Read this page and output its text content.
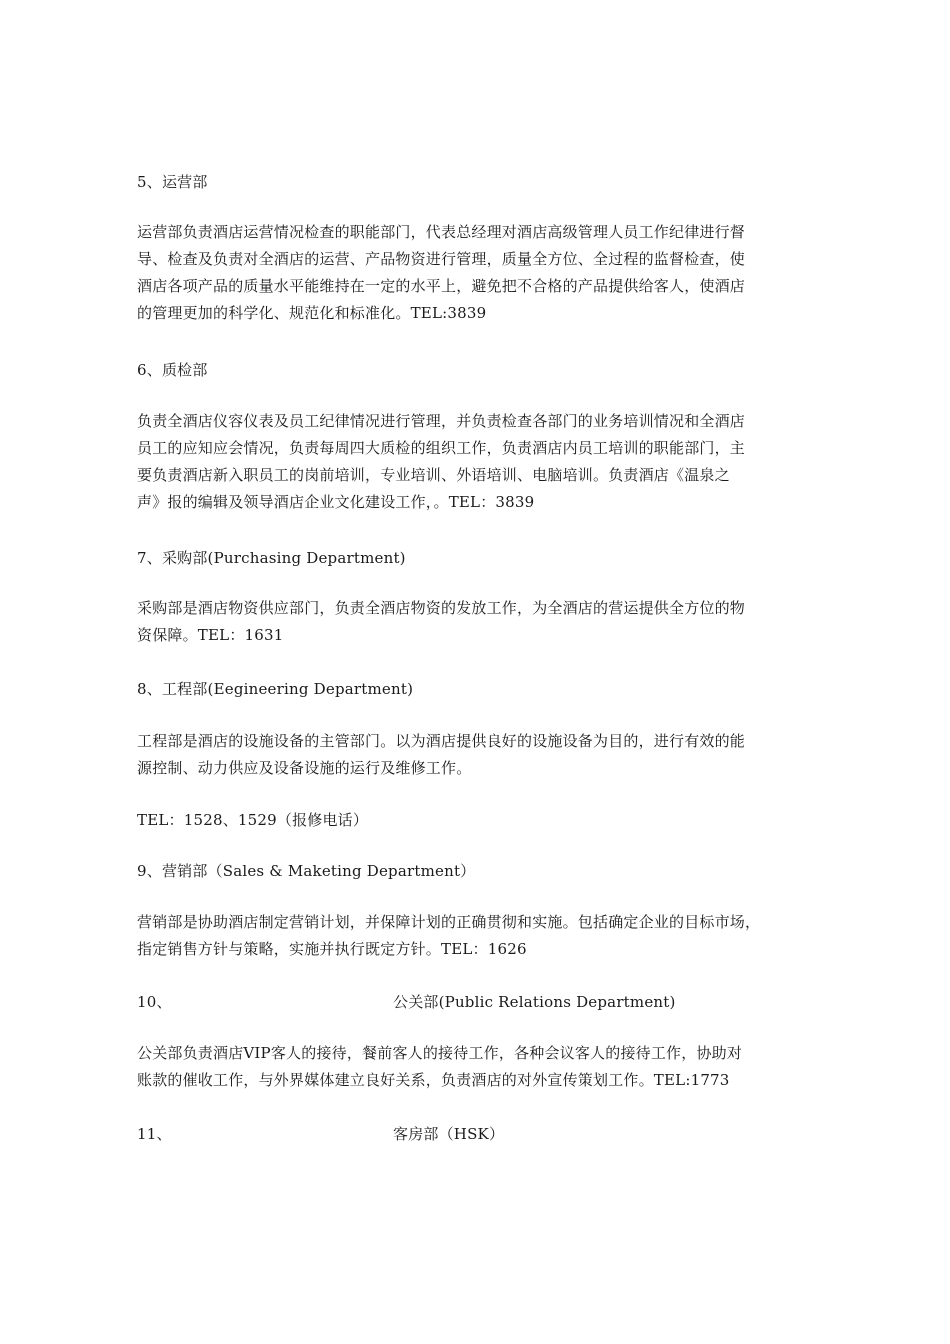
5、运营部

运营部负责酒店运营情况检查的职能部门，代表总经理对酒店高级管理人员工作纪律进行督
导、检查及负责对全酒店的运营、产品物资进行管理，质量全方位、全过程的监督检查，使
酒店各项产品的质量水平能维持在一定的水平上，避免把不合格的产品提供给客人，使酒店
的管理更加的科学化、规范化和标准化。TEL:3839

6、质检部

负责全酒店仪容仪表及员工纪律情况进行管理，并负责检查各部门的业务培训情况和全酒店
员工的应知应会情况，负责每周四大质检的组织工作，负责酒店内员工培训的职能部门，主
要负责酒店新入职员工的岗前培训，专业培训、外语培训、电脑培训。负责酒店《温泉之
声》报的编辑及领导酒店企业文化建设工作，。TEL：3839

7、采购部(Purchasing Department)

采购部是酒店物资供应部门，负责全酒店物资的发放工作，为全酒店的营运提供全方位的物
资保障。TEL：1631

8、工程部(Eegineering Department)

工程部是酒店的设施设备的主管部门。以为酒店提供良好的设施设备为目的，进行有效的能
源控制、动力供应及设备设施的运行及维修工作。

TEL：1528、1529（报修电话）

9、营销部（Sales & Maketing Department）

营销部是协助酒店制定营销计划，并保障计划的正确贯彻和实施。包括确定企业的目标市场，
指定销售方针与策略，实施并执行既定方针。TEL：1626

10、	公关部(Public Relations Department)

公关部负责酒店VIP客人的接待，餐前客人的接待工作，各种会议客人的接待工作，协助对
账款的催收工作，与外界媒体建立良好关系，负责酒店的对外宣传策划工作。TEL:1773

11、	客房部（HSK）
